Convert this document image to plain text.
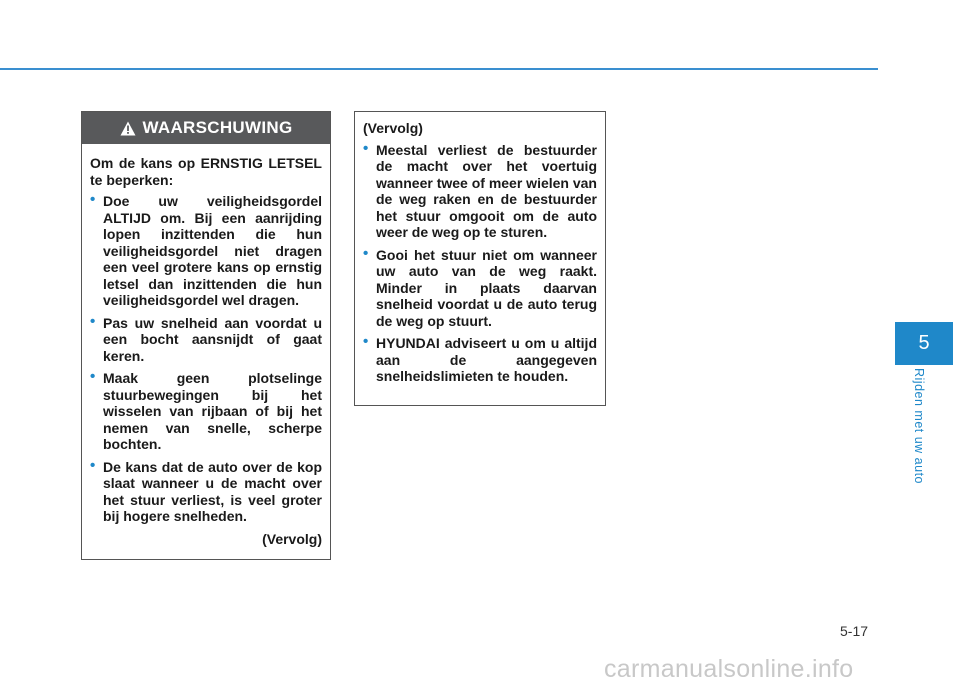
WAARSCHUWING

Om de kans op ERNSTIG LETSEL te beperken:

• Doe uw veiligheidsgordel ALTIJD om. Bij een aanrijding lopen inzittenden die hun veiligheidsgordel niet dragen een veel grotere kans op ernstig letsel dan inzittenden die hun veiligheidsgordel wel dragen.
• Pas uw snelheid aan voordat u een bocht aansnijdt of gaat keren.
• Maak geen plotselinge stuurbewegingen bij het wisselen van rijbaan of bij het nemen van snelle, scherpe bochten.
• De kans dat de auto over de kop slaat wanneer u de macht over het stuur verliest, is veel groter bij hogere snelheden.
(Vervolg)

(Vervolg)

• Meestal verliest de bestuurder de macht over het voertuig wanneer twee of meer wielen van de weg raken en de bestuurder het stuur omgooit om de auto weer de weg op te sturen.
• Gooi het stuur niet om wanneer uw auto van de weg raakt. Minder in plaats daarvan snelheid voordat u de auto terug de weg op stuurt.
• HYUNDAI adviseert u om u altijd aan de aangegeven snelheidslimieten te houden.
5
Rijden met uw auto
5-17
carmanualsonline.info
